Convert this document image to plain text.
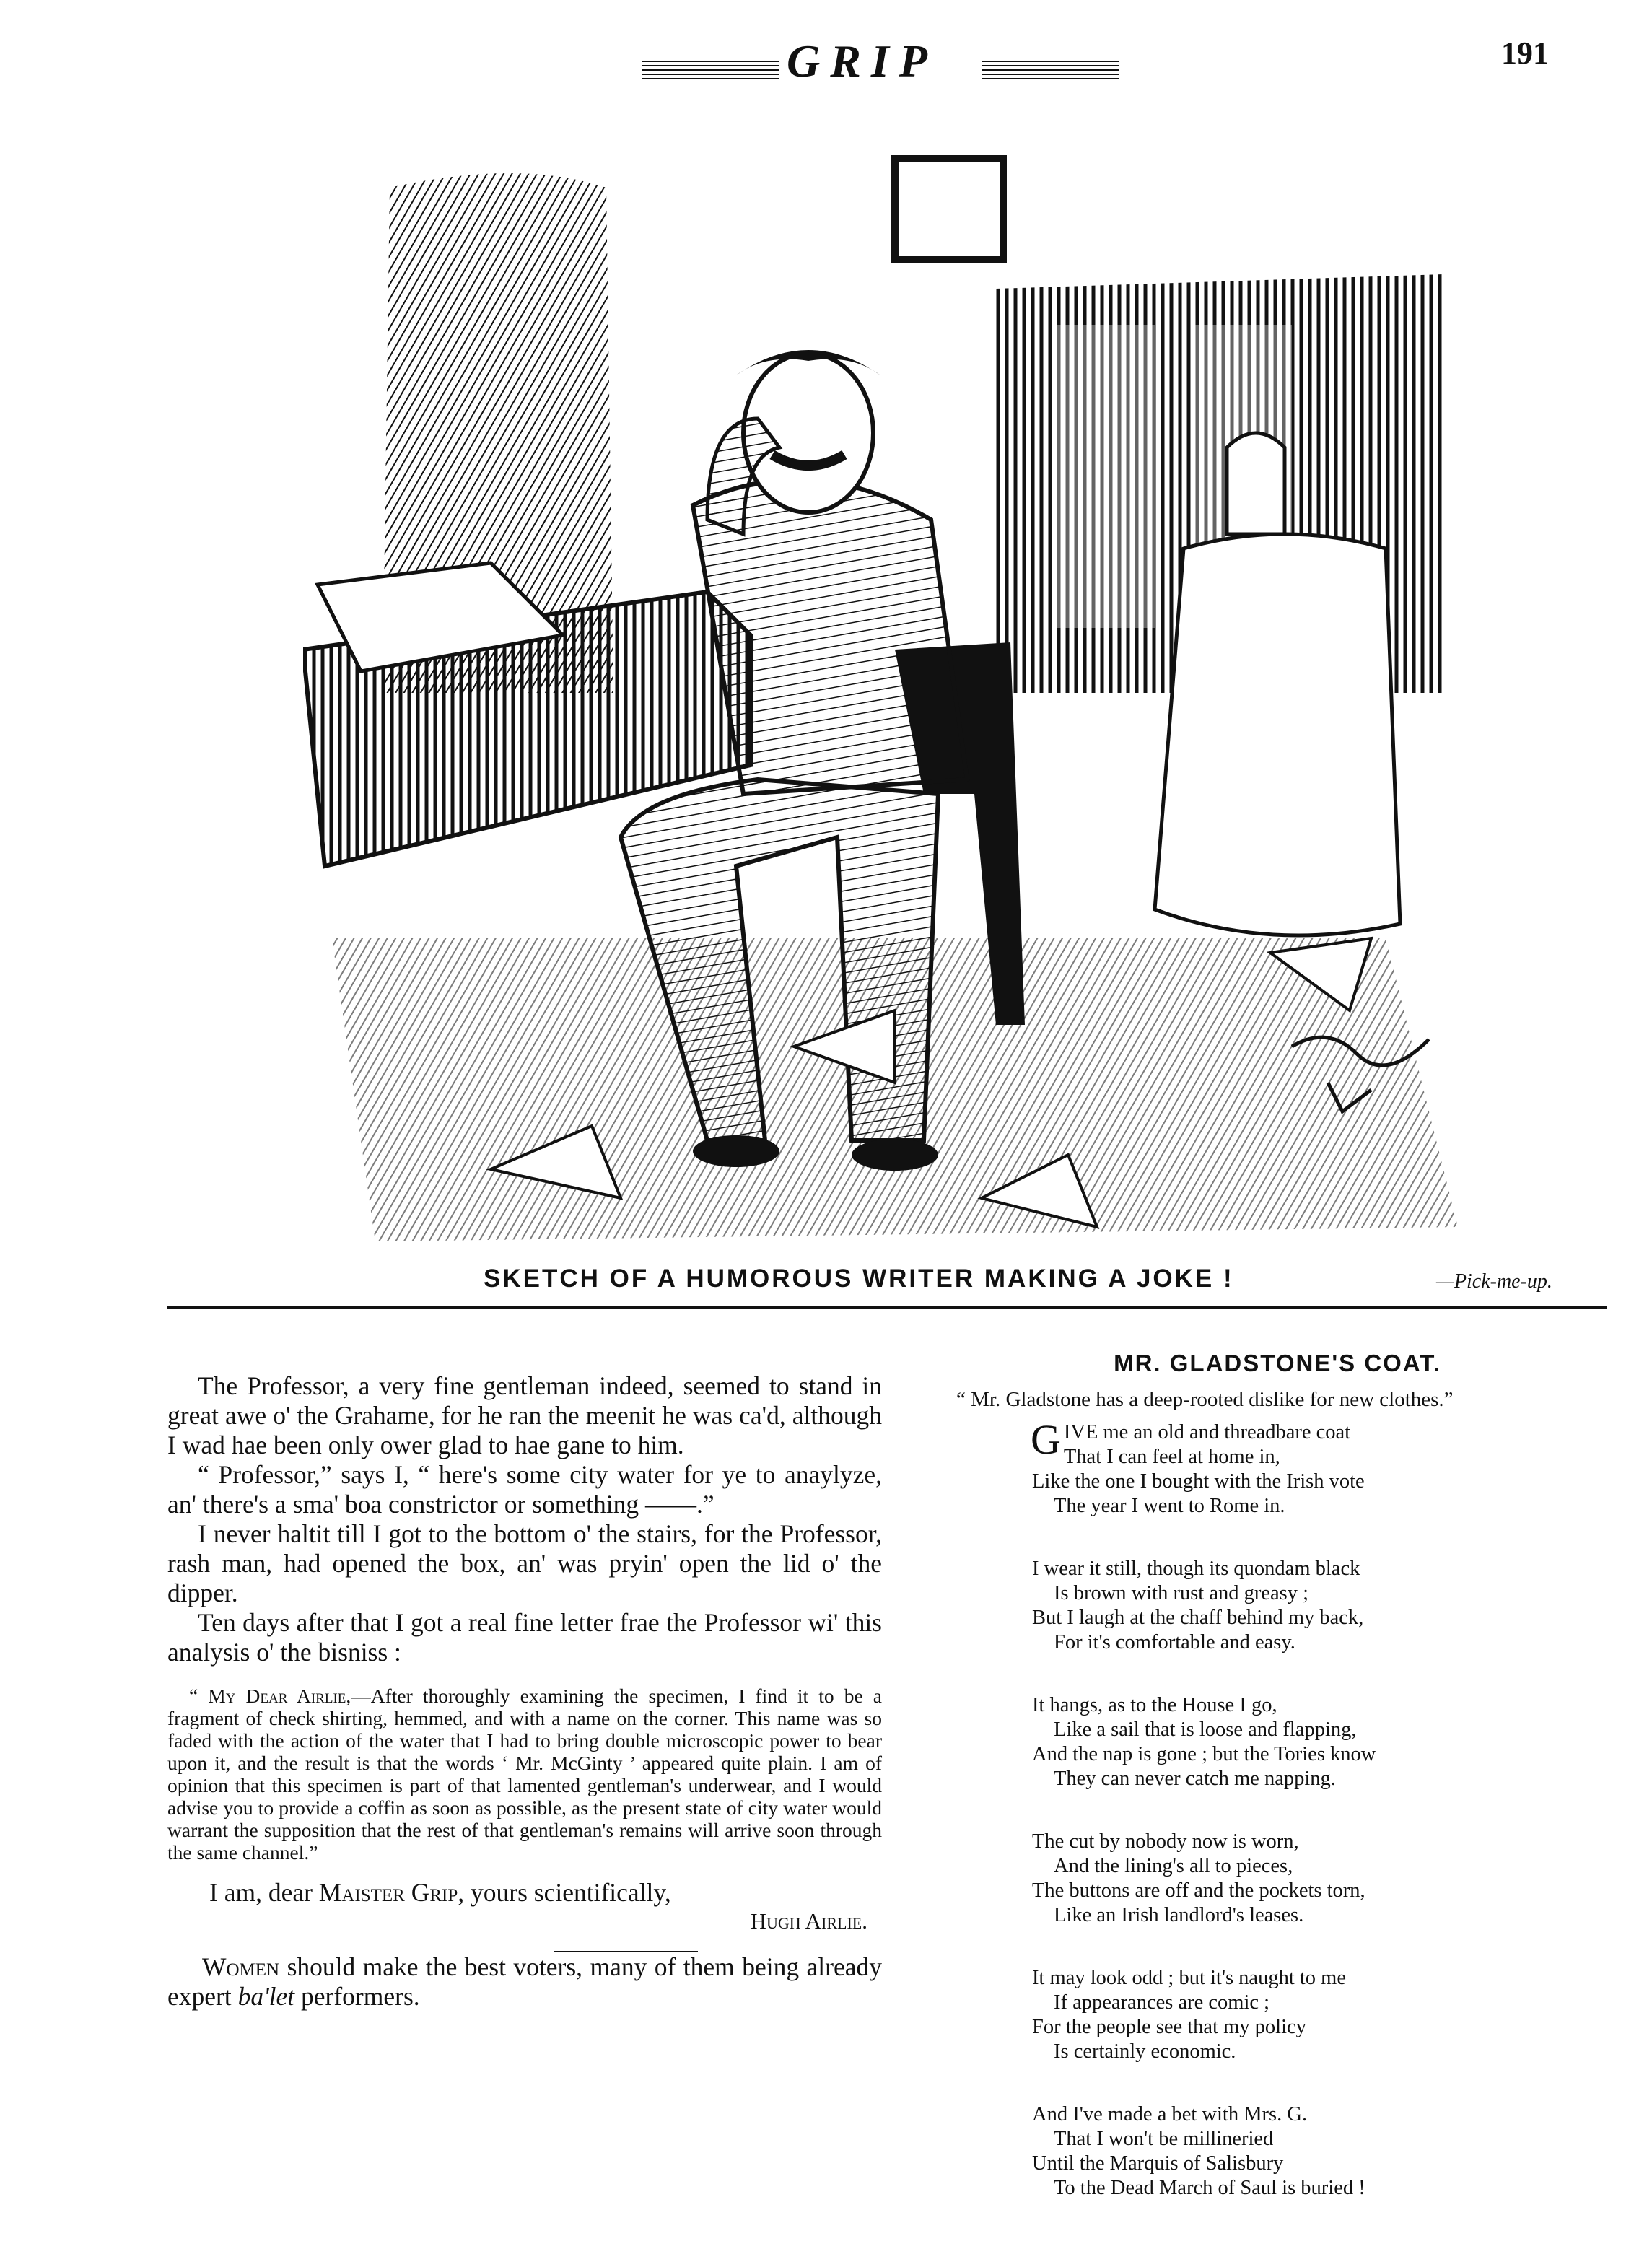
GRIP	191
SKETCH OF A HUMOROUS WRITER MAKING A JOKE !	—Pick-me-up.

The Professor, a very fine gentleman indeed, seemed to stand in great awe o' the Grahame, for he ran the meenit he was ca'd, although I wad hae been only ower glad to hae gane to him.

“ Professor,” says I, “ here's some city water for ye to anaylyze, an' there's a sma' boa constrictor or something ——.”

I never haltit till I got to the bottom o' the stairs, for the Professor, rash man, had opened the box, an' was pryin' open the lid o' the dipper.

Ten days after that I got a real fine letter frae the Professor wi' this analysis o' the bisniss :

“ My Dear Airlie,—After thoroughly examining the specimen, I find it to be a fragment of check shirting, hemmed, and with a name on the corner. This name was so faded with the action of the water that I had to bring double microscopic power to bear upon it, and the result is that the words ‘ Mr. McGinty ’ appeared quite plain. I am of opinion that this specimen is part of that lamented gentleman's underwear, and I would advise you to provide a coffin as soon as possible, as the present state of city water would warrant the supposition that the rest of that gentleman's remains will arrive soon through the same channel.”
I am, dear Maister Grip, yours scientifically,
Hugh Airlie.

Women should make the best voters, many of them being already expert ba'let performers.

MR. GLADSTONE'S COAT.
“ Mr. Gladstone has a deep-rooted dislike for new clothes.”
GIVE me an old and threadbare coat
That I can feel at home in,
Like the one I bought with the Irish vote
The year I went to Rome in.
I wear it still, though its quondam black
Is brown with rust and greasy ;
But I laugh at the chaff behind my back,
For it's comfortable and easy.
It hangs, as to the House I go,
Like a sail that is loose and flapping,
And the nap is gone ; but the Tories know
They can never catch me napping.
The cut by nobody now is worn,
And the lining's all to pieces,
The buttons are off and the pockets torn,
Like an Irish landlord's leases.
It may look odd ; but it's naught to me
If appearances are comic ;
For the people see that my policy
Is certainly economic.
And I've made a bet with Mrs. G.
That I won't be millineried
Until the Marquis of Salisbury
To the Dead March of Saul is buried !
